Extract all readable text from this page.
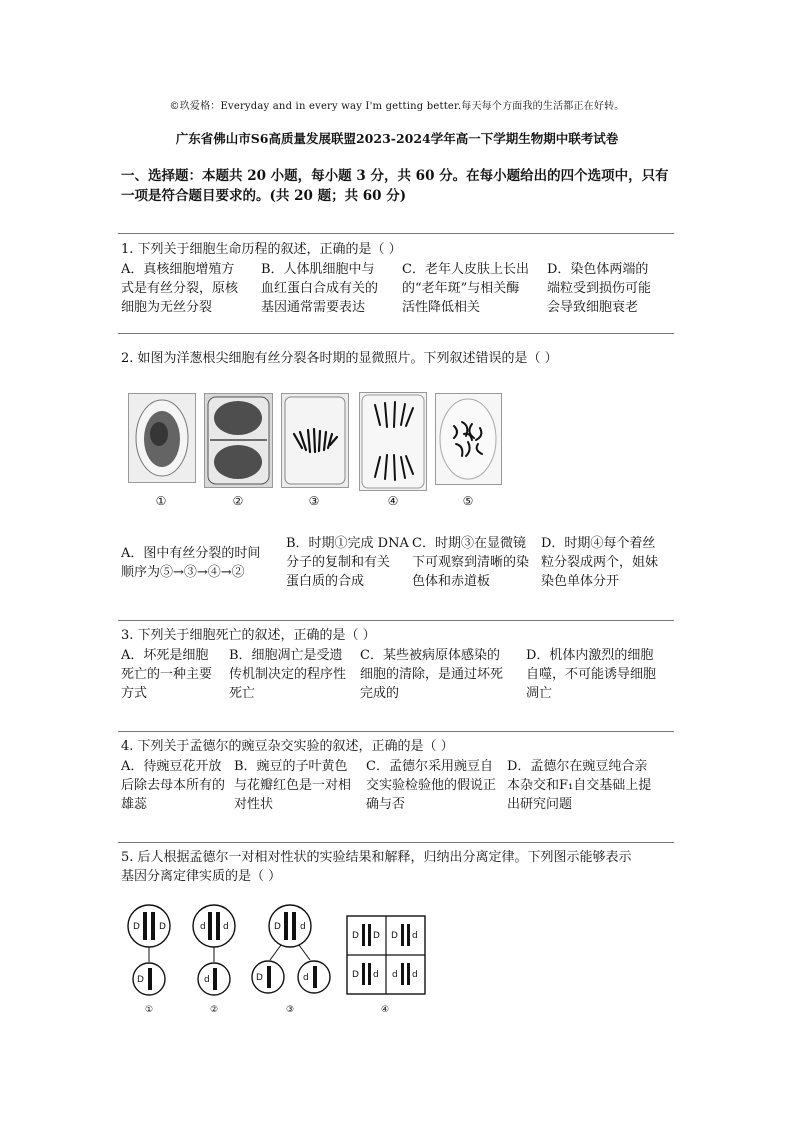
©玖爱格：Everyday and in every way I'm getting better.每天每个方面我的生活都正在好转。
广东省佛山市S6高质量发展联盟2023-2024学年高一下学期生物期中联考试卷
一、选择题：本题共 20 小题，每小题 3 分，共 60 分。在每小题给出的四个选项中，只有
一项是符合题目要求的。(共 20 题；共 60 分)
1. 下列关于细胞生命历程的叙述，正确的是（ ）
A．真核细胞增殖方
式是有丝分裂，原核
细胞为无丝分裂
B．人体肌细胞中与
血红蛋白合成有关的
基因通常需要表达
C．老年人皮肤上长出
的“老年斑”与相关酶
活性降低相关
D．染色体两端的
端粒受到损伤可能
会导致细胞衰老
2. 如图为洋葱根尖细胞有丝分裂各时期的显微照片。下列叙述错误的是（ ）
①	②	③	④	⑤
A．图中有丝分裂的时间
顺序为⑤→③→④→②
B．时期①完成 DNA
分子的复制和有关
蛋白质的合成
C．时期③在显微镜
下可观察到清晰的染
色体和赤道板
D．时期④每个着丝
粒分裂成两个，姐妹
染色单体分开
3. 下列关于细胞死亡的叙述，正确的是（ ）
A．坏死是细胞
死亡的一种主要
方式
B．细胞凋亡是受遗
传机制决定的程序性
死亡
C．某些被病原体感染的
细胞的清除，是通过坏死
完成的
D．机体内激烈的细胞
自噬，不可能诱导细胞
凋亡
4. 下列关于孟德尔的豌豆杂交实验的叙述，正确的是（ ）
A．待豌豆花开放
后除去母本所有的
雄蕊
B．豌豆的子叶黄色
与花瓣红色是一对相
对性状
C．孟德尔采用豌豆自
交实验检验他的假说正
确与否
D．孟德尔在豌豆纯合亲
本杂交和F₁自交基础上提
出研究问题
5. 后人根据孟德尔一对相对性状的实验结果和解释，归纳出分离定律。下列图示能够表示
基因分离定律实质的是（ ）
D D
D
d d
d
D d
D	d
D D D d
D d d d
①	②	③	④
